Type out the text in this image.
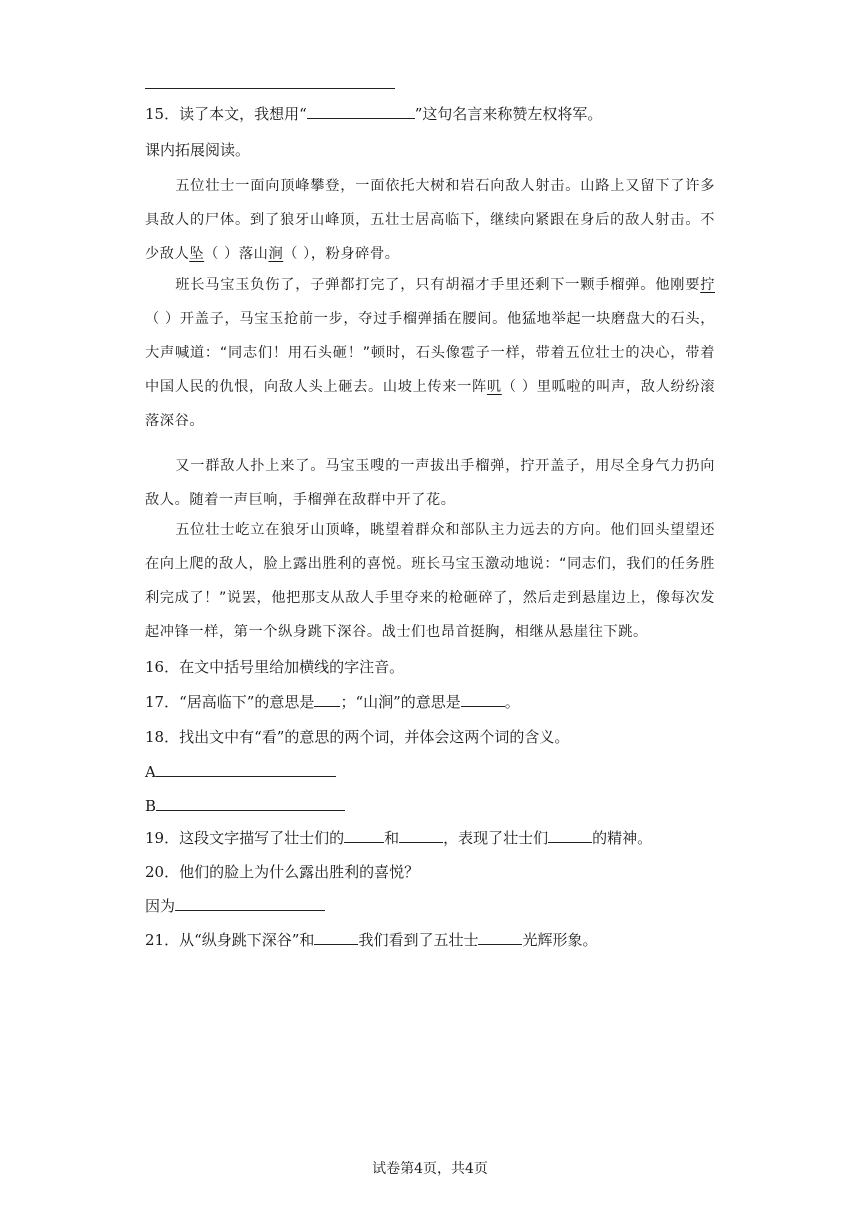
15．读了本文，我想用“	”这句名言来称赞左权将军。
课内拓展阅读。
五位壮士一面向顶峰攀登，一面依托大树和岩石向敌人射击。山路上又留下了许多具敌人的尸体。到了狼牙山峰顶，五壮士居高临下，继续向紧跟在身后的敌人射击。不少敌人坠（ ）落山涧（ ），粉身碎骨。
班长马宝玉负伤了，子弹都打完了，只有胡福才手里还剩下一颗手榴弹。他刚要拧（ ）开盖子，马宝玉抢前一步，夺过手榴弹插在腰间。他猛地举起一块磨盘大的石头，大声喊道：“同志们！用石头砸！”顿时，石头像雹子一样，带着五位壮士的决心，带着中国人民的仇恨，向敌人头上砸去。山坡上传来一阵叽（ ）里呱啦的叫声，敌人纷纷滚落深谷。
又一群敌人扑上来了。马宝玉嗖的一声拔出手榴弹，拧开盖子，用尽全身气力扔向敌人。随着一声巨响，手榴弹在敌群中开了花。
五位壮士屹立在狼牙山顶峰，眺望着群众和部队主力远去的方向。他们回头望望还在向上爬的敌人，脸上露出胜利的喜悦。班长马宝玉激动地说：“同志们，我们的任务胜利完成了！”说罢，他把那支从敌人手里夺来的枪砸碎了，然后走到悬崖边上，像每次发起冲锋一样，第一个纵身跳下深谷。战士们也昂首挺胸，相继从悬崖往下跳。
16．在文中括号里给加横线的字注音。
17．“居高临下”的意思是 ；“山涧”的意思是	。
18．找出文中有“看”的意思的两个词，并体会这两个词的含义。
A
B
19．这段文字描写了壮士们的	和	，表现了壮士们	的精神。
20．他们的脸上为什么露出胜利的喜悦？
因为
21．从“纵身跳下深谷”和	我们看到了五壮士	光辉形象。
试卷第4页，共4页
